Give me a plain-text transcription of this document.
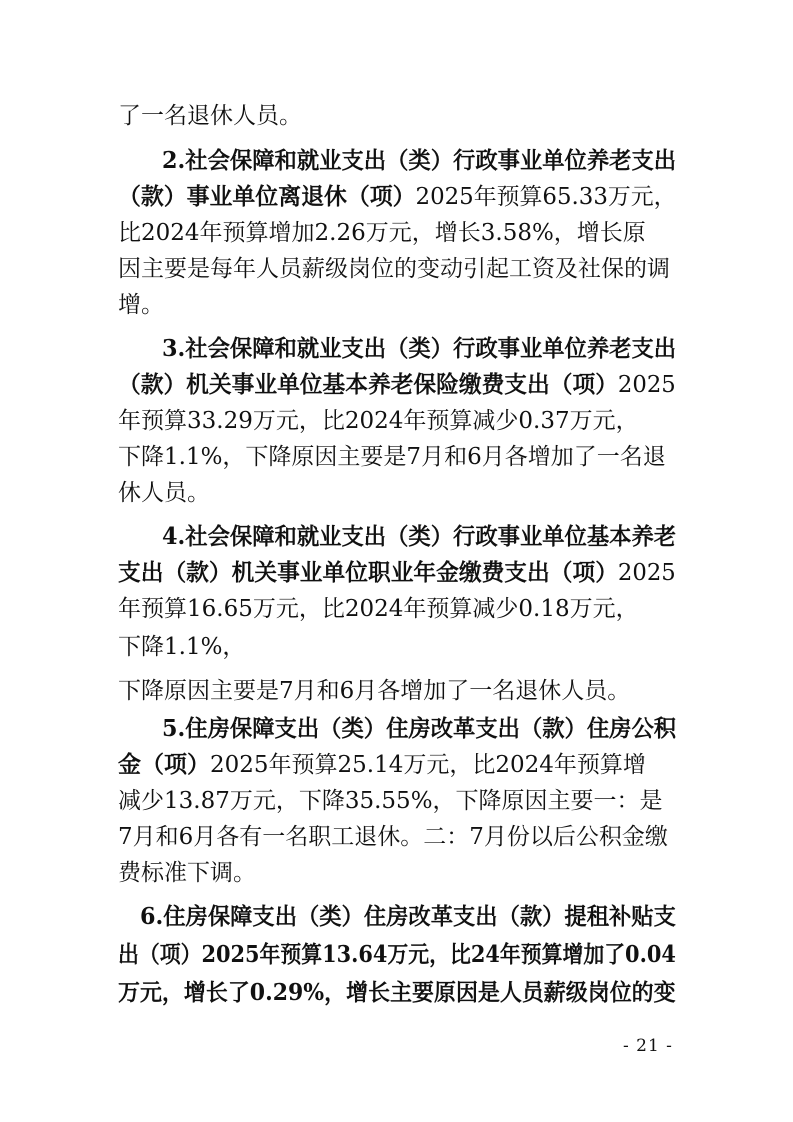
了一名退休人员。
2.社会保障和就业支出（类）行政事业单位养老支出
（款）事业单位离退休（项）2025年预算65.33万元，
比2024年预算增加2.26万元，增长3.58%，增长原
因主要是每年人员薪级岗位的变动引起工资及社保的调
增。
3.社会保障和就业支出（类）行政事业单位养老支出
（款）机关事业单位基本养老保险缴费支出（项）2025
年预算33.29万元，比2024年预算减少0.37万元，
下降1.1%，下降原因主要是7月和6月各增加了一名退
休人员。
4.社会保障和就业支出（类）行政事业单位基本养老
支出（款）机关事业单位职业年金缴费支出（项）2025
年预算16.65万元，比2024年预算减少0.18万元，
下降1.1%，
下降原因主要是7月和6月各增加了一名退休人员。
5.住房保障支出（类）住房改革支出（款）住房公积
金（项）2025年预算25.14万元，比2024年预算增
减少13.87万元，下降35.55%，下降原因主要一：是
7月和6月各有一名职工退休。二：7月份以后公积金缴
费标准下调。
6.住房保障支出（类）住房改革支出（款）提租补贴支
出（项）2025年预算13.64万元，比24年预算增加了0.04
万元，增长了0.29%，增长主要原因是人员薪级岗位的变
- 21 -
